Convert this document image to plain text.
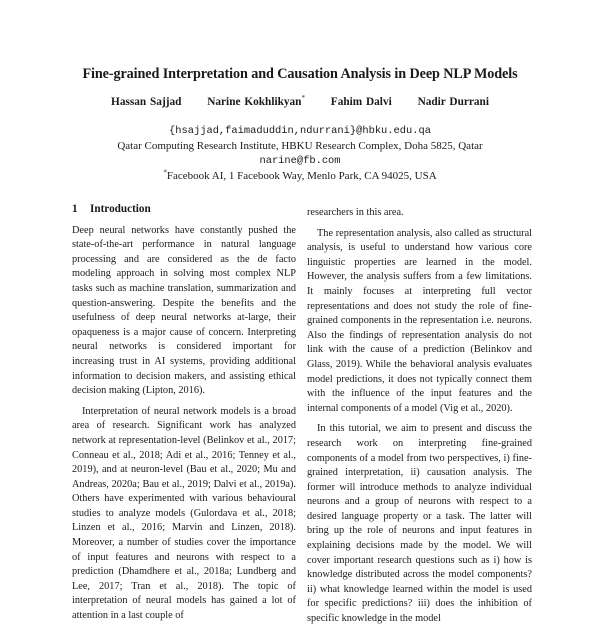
Fine-grained Interpretation and Causation Analysis in Deep NLP Models
Hassan Sajjad Narine Kokhlikyan* Fahim Dalvi Nadir Durrani
{hsajjad,faimaduddin,ndurrani}@hbku.edu.qa
Qatar Computing Research Institute, HBKU Research Complex, Doha 5825, Qatar
narine@fb.com
*Facebook AI, 1 Facebook Way, Menlo Park, CA 94025, USA
1 Introduction

Deep neural networks have constantly pushed the state-of-the-art performance in natural language processing and are considered as the de facto modeling approach in solving most complex NLP tasks such as machine translation, summarization and question-answering. Despite the benefits and the usefulness of deep neural networks at-large, their opaqueness is a major cause of concern. Interpreting neural networks is considered important for increasing trust in AI systems, providing additional information to decision makers, and assisting ethical decision making (Lipton, 2016).

Interpretation of neural network models is a broad area of research. Significant work has analyzed network at representation-level (Belinkov et al., 2017; Conneau et al., 2018; Adi et al., 2016; Tenney et al., 2019), and at neuron-level (Bau et al., 2020; Mu and Andreas, 2020a; Bau et al., 2019; Dalvi et al., 2019a). Others have experimented with various behavioural studies to analyze models (Gulordava et al., 2018; Linzen et al., 2016; Marvin and Linzen, 2018). Moreover, a number of studies cover the importance of input features and neurons with respect to a prediction (Dhamdhere et al., 2018a; Lundberg and Lee, 2017; Tran et al., 2018). The topic of interpretation of neural models has gained a lot of attention in a last couple of

researchers in this area.

The representation analysis, also called as structural analysis, is useful to understand how various core linguistic properties are learned in the model. However, the analysis suffers from a few limitations. It mainly focuses at interpreting full vector representations and does not study the role of fine-grained components in the representation i.e. neurons. Also the findings of representation analysis do not link with the cause of a prediction (Belinkov and Glass, 2019). While the behavioral analysis evaluates model predictions, it does not typically connect them with the influence of the input features and the internal components of a model (Vig et al., 2020).

In this tutorial, we aim to present and discuss the research work on interpreting fine-grained components of a model from two perspectives, i) fine-grained interpretation, ii) causation analysis. The former will introduce methods to analyze individual neurons and a group of neurons with respect to a desired language property or a task. The latter will bring up the role of neurons and input features in explaining decisions made by the model. We will cover important research questions such as i) how is knowledge distributed across the model components? ii) what knowledge learned within the model is used for specific predictions? iii) does the inhibition of specific knowledge in the model
